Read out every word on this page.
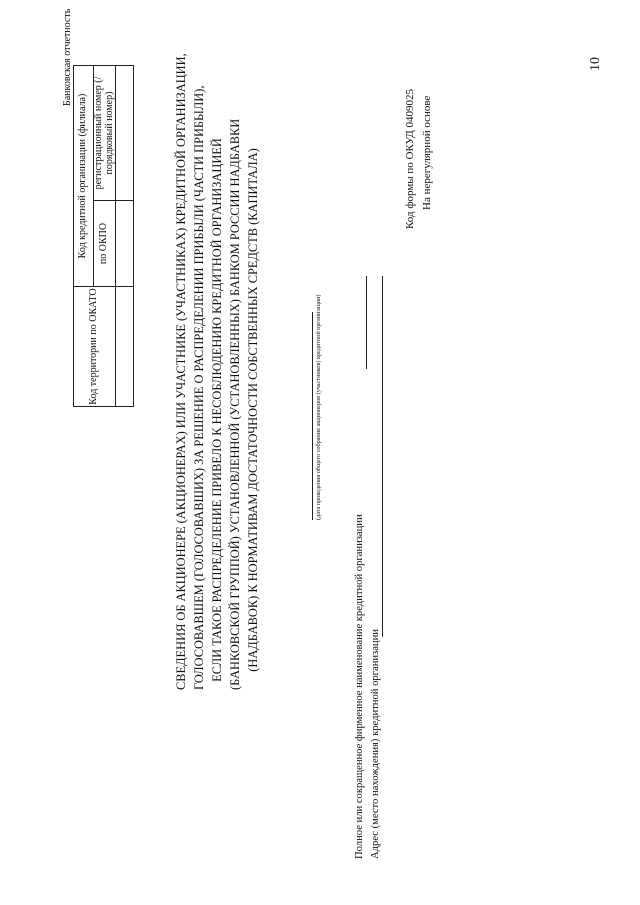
10
Банковская отчетность
Код территории по ОКАТО	Код кредитной организации (филиала)	
	по ОКПО	регистрационный номер (/порядковый номер)
			СВЕДЕНИЯ ОБ АКЦИОНЕРЕ (АКЦИОНЕРАХ) ИЛИ УЧАСТНИКЕ (УЧАСТНИКАХ) КРЕДИТНОЙ ОРГАНИЗАЦИИ, ГОЛОСОВАВШЕМ (ГОЛОСОВАВШИХ) ЗА РЕШЕНИЕ О РАСПРЕДЕЛЕНИИ ПРИБЫЛИ (ЧАСТИ ПРИБЫЛИ), ЕСЛИ ТАКОЕ РАСПРЕДЕЛЕНИЕ ПРИВЕЛО К НЕСОБЛЮДЕНИЮ КРЕДИТНОЙ ОРГАНИЗАЦИЕЙ (БАНКОВСКОЙ ГРУППОЙ) УСТАНОВЛЕННОЙ (УСТАНОВЛЕННЫХ) БАНКОМ РОССИИ НАДБАВКИ (НАДБАВОК) К НОРМАТИВАМ ДОСТАТОЧНОСТИ СОБСТВЕННЫХ СРЕДСТВ (КАПИТАЛА)	(дата проведения общего собрания акционеров (участников) кредитной организации)
Полное или сокращенное фирменное наименование кредитной организации Адрес (место нахождения) кредитной организации
Код формы по ОКУД 0409025 На нерегулярной основе
